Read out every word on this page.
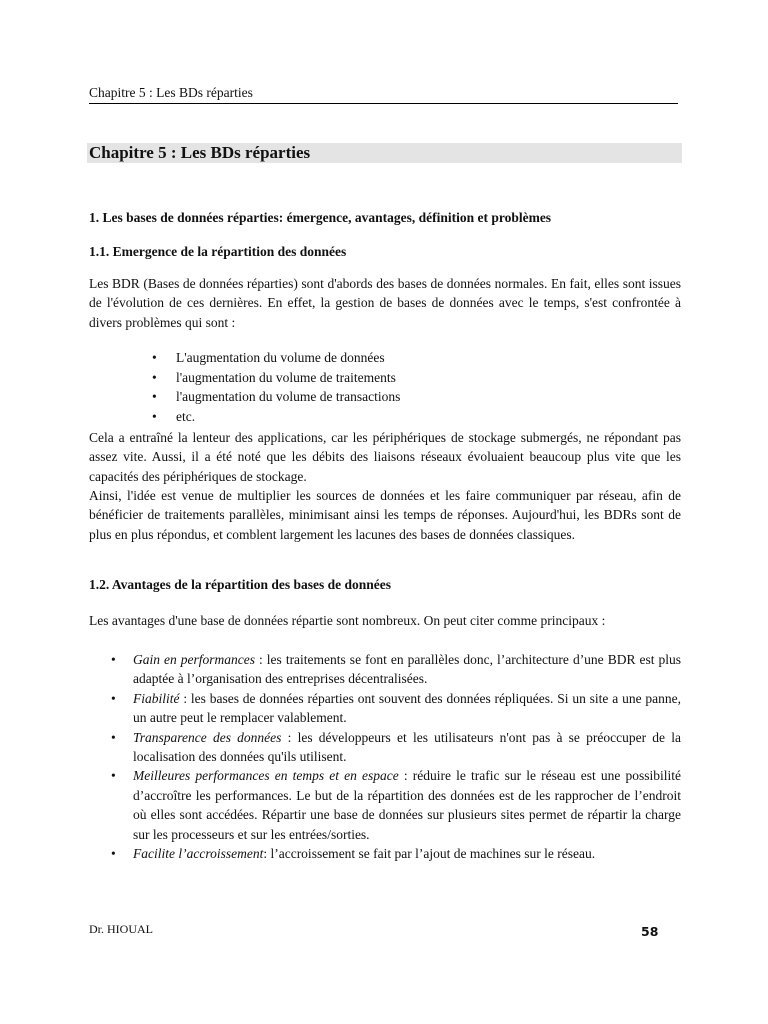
Chapitre 5 : Les BDs réparties
Chapitre 5 : Les BDs réparties
1. Les bases de données réparties: émergence, avantages, définition et problèmes
1.1. Emergence de la répartition des données

Les BDR (Bases de données réparties) sont d'abords des bases de données normales. En fait, elles sont issues de l'évolution de ces dernières. En effet, la gestion de bases de données avec le temps, s'est confrontée à divers problèmes qui sont :

• L'augmentation du volume de données
• l'augmentation du volume de traitements
• l'augmentation du volume de transactions
• etc.

Cela a entraîné la lenteur des applications, car les périphériques de stockage submergés, ne répondant pas assez vite. Aussi, il a été noté que les débits des liaisons réseaux évoluaient beaucoup plus vite que les capacités des périphériques de stockage.

Ainsi, l'idée est venue de multiplier les sources de données et les faire communiquer par réseau, afin de bénéficier de traitements parallèles, minimisant ainsi les temps de réponses. Aujourd'hui, les BDRs sont de plus en plus répondus, et comblent largement les lacunes des bases de données classiques.

1.2. Avantages de la répartition des bases de données

Les avantages d'une base de données répartie sont nombreux. On peut citer comme principaux :

• Gain en performances : les traitements se font en parallèles donc, l’architecture d’une BDR est plus adaptée à l’organisation des entreprises décentralisées.
• Fiabilité : les bases de données réparties ont souvent des données répliquées. Si un site a une panne, un autre peut le remplacer valablement.
• Transparence des données : les développeurs et les utilisateurs n'ont pas à se préoccuper de la localisation des données qu'ils utilisent.
• Meilleures performances en temps et en espace : réduire le trafic sur le réseau est une possibilité d’accroître les performances. Le but de la répartition des données est de les rapprocher de l’endroit où elles sont accédées. Répartir une base de données sur plusieurs sites permet de répartir la charge sur les processeurs et sur les entrées/sorties.
• Facilite l’accroissement: l’accroissement se fait par l’ajout de machines sur le réseau.
Dr. HIOUAL	58
